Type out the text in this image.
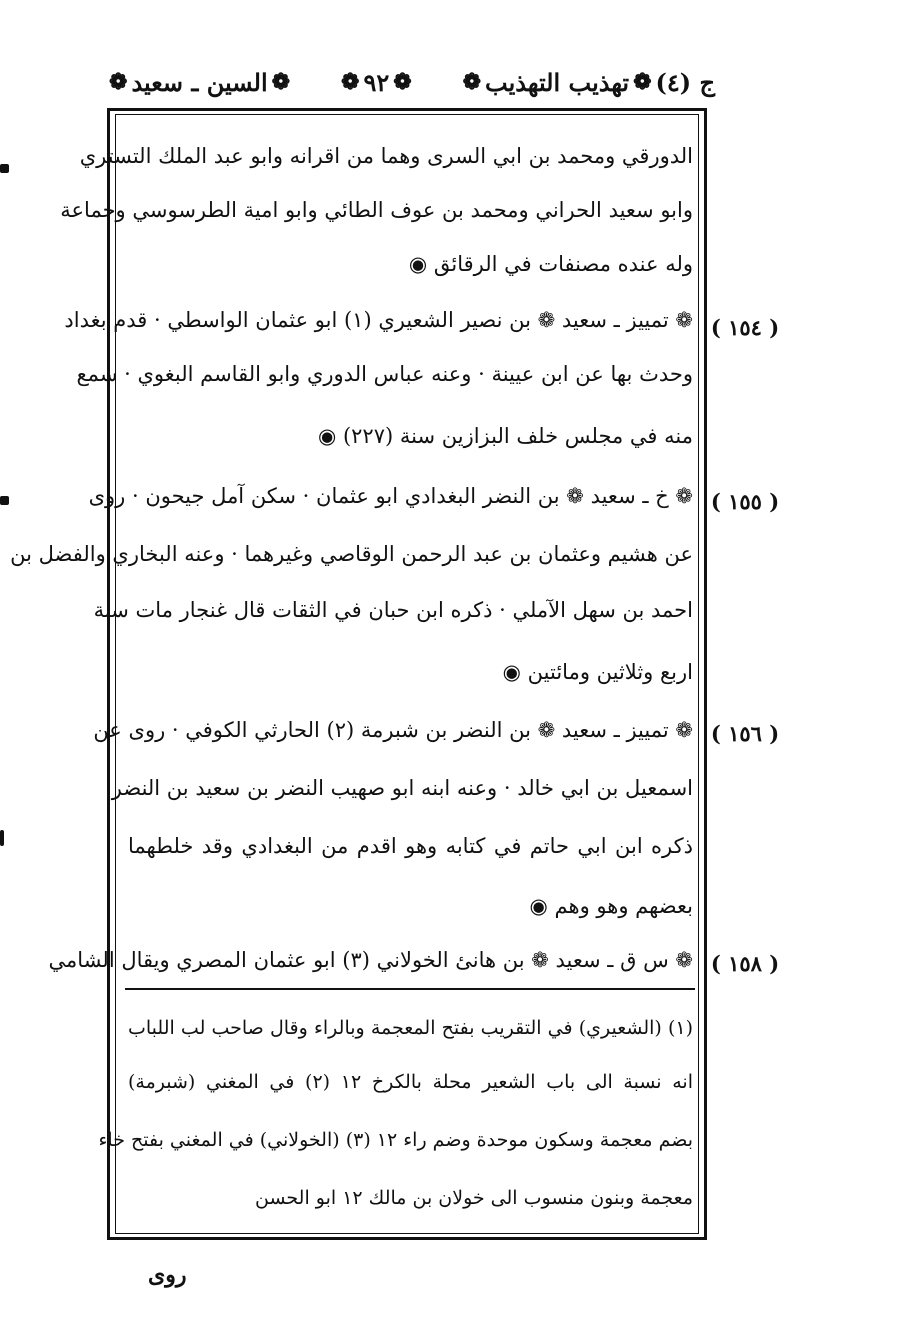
ج (٤)
❁
تهذيب التهذيب
❁
❁
٩٢
❁
❁
السين ـ سعيد
❁
الدورقي ومحمد بن ابي السرى وهما من اقرانه وابو عبد الملك التستري
وابو سعيد الحراني ومحمد بن عوف الطائي وابو امية الطرسوسي وجماعة
وله عنده مصنفات في الرقائق ◉
❁ تمييز ـ سعيد ❁ بن نصير الشعيري (١) ابو عثمان الواسطي · قدم بغداد
وحدث بها عن ابن عيينة · وعنه عباس الدوري وابو القاسم البغوي · سمع
منه في مجلس خلف البزازين سنة (٢٢٧) ◉
❁ خ ـ سعيد ❁ بن النضر البغدادي ابو عثمان · سكن آمل جيحون · روى
عن هشيم وعثمان بن عبد الرحمن الوقاصي وغيرهما · وعنه البخاري والفضل بن
احمد بن سهل الآملي · ذكره ابن حبان في الثقات قال غنجار مات سنة
اربع وثلاثين ومائتين ◉
❁ تمييز ـ سعيد ❁ بن النضر بن شبرمة (٢) الحارثي الكوفي · روى عن
اسمعيل بن ابي خالد · وعنه ابنه ابو صهيب النضر بن سعيد بن النضر
ذكره ابن ابي حاتم في كتابه وهو اقدم من البغدادي وقد خلطهما
بعضهم وهو وهم ◉
❁ س ق ـ سعيد ❁ بن هانئ الخولاني (٣) ابو عثمان المصري ويقال الشامي
( ١٥٤ )
( ١٥٥ )
( ١٥٦ )
( ١٥٨ )
(١) (الشعيري) في التقريب بفتح المعجمة وبالراء وقال صاحب لب اللباب
انه نسبة الى باب الشعير محلة بالكرخ ١٢ (٢) في المغني (شبرمة)
بضم معجمة وسكون موحدة وضم راء ١٢ (٣) (الخولاني) في المغني بفتح خاء
معجمة وبنون منسوب الى خولان بن مالك ١٢ ابو الحسن
روى
